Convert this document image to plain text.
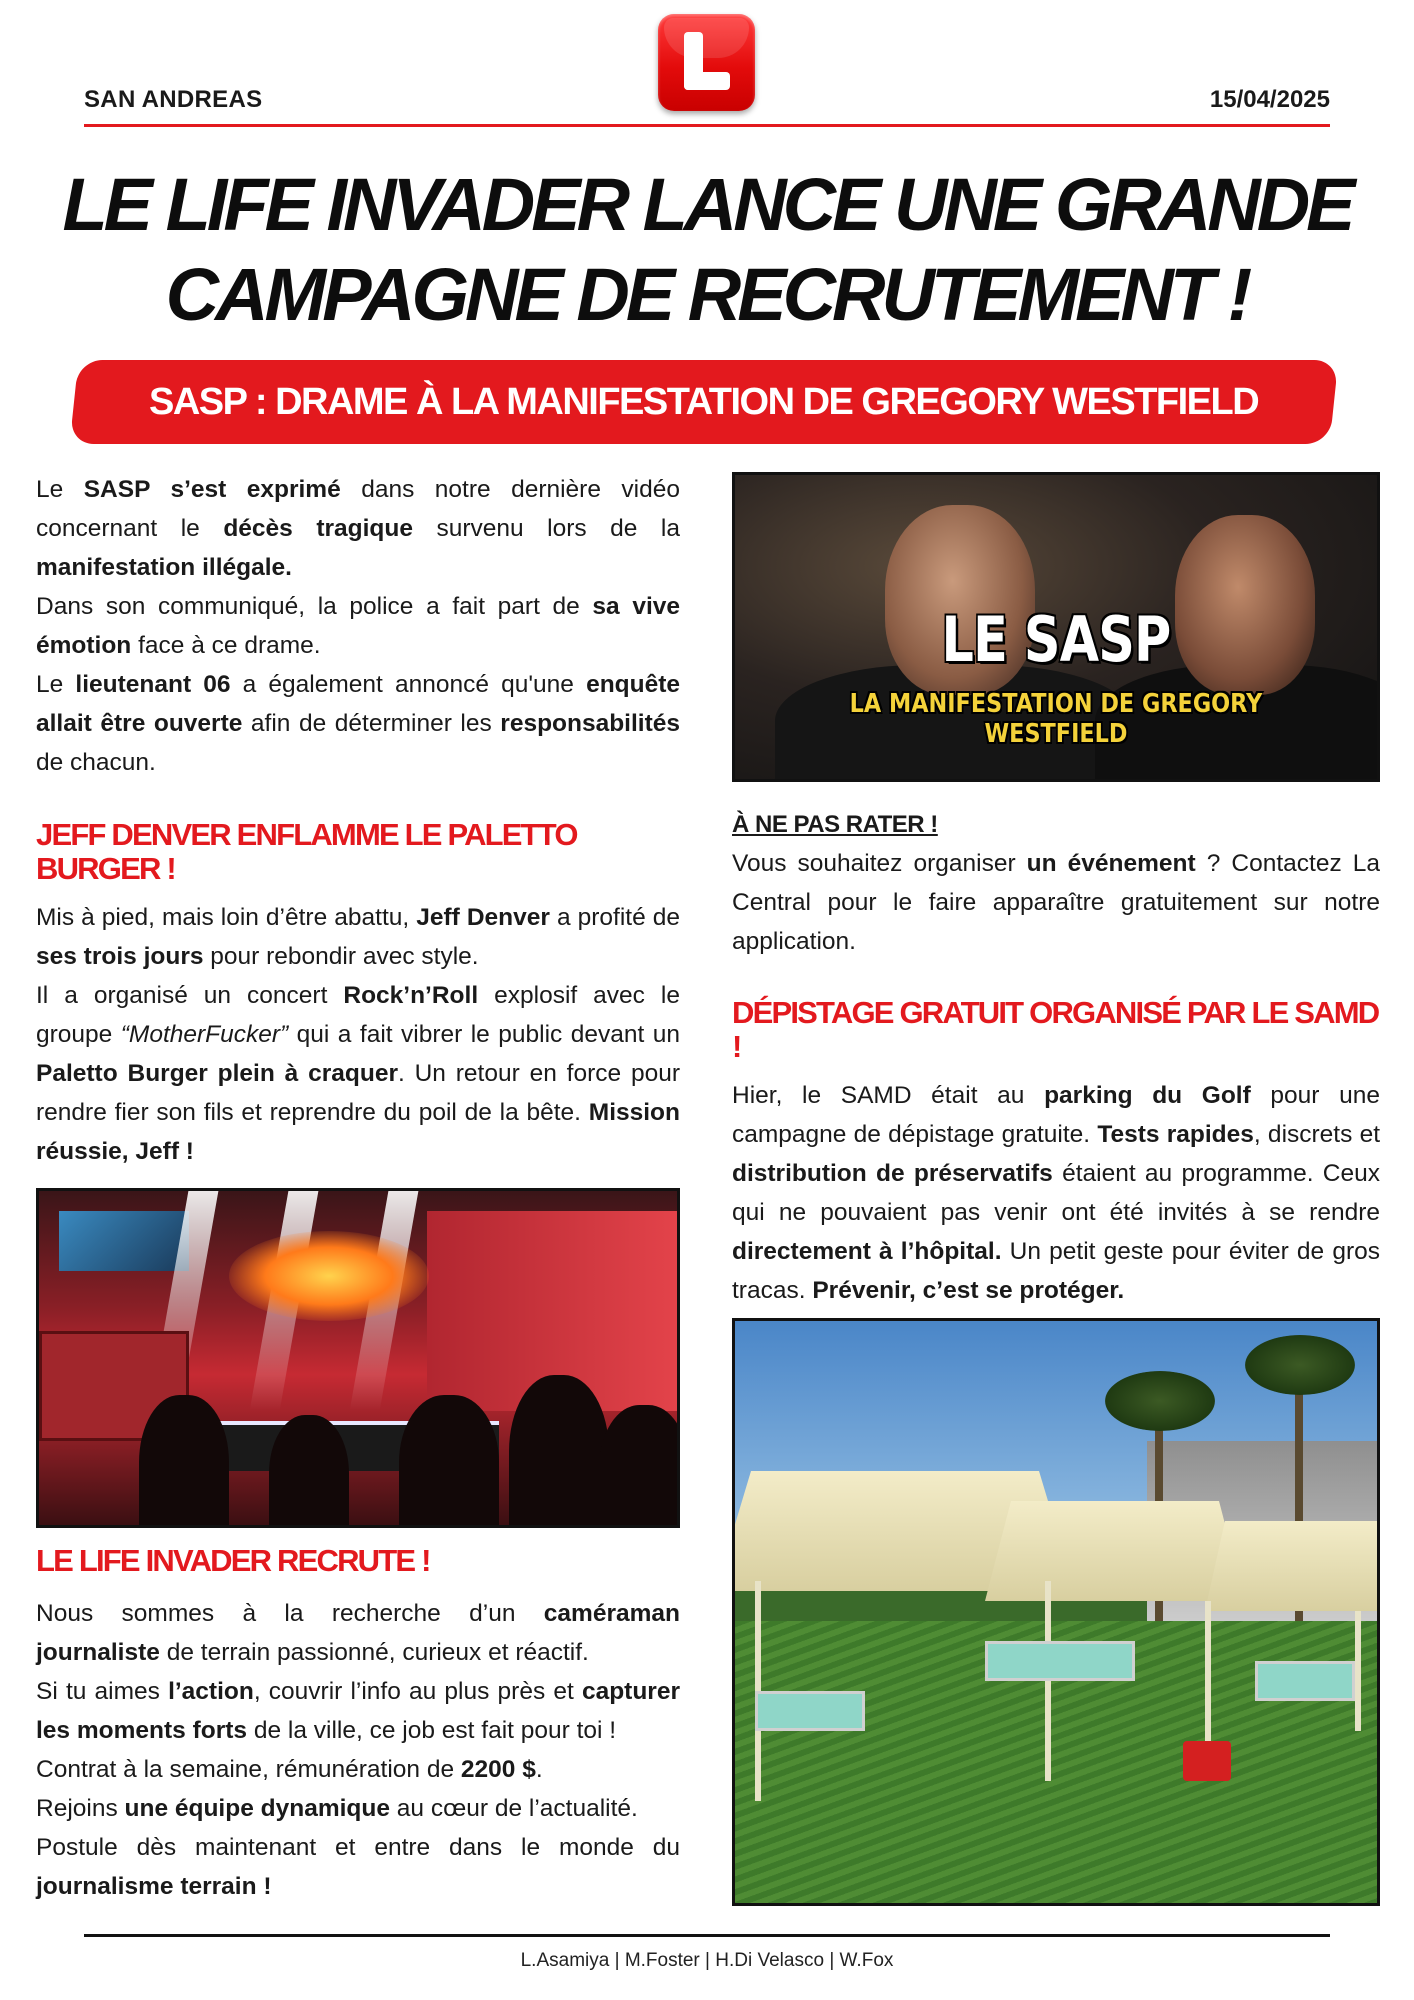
SAN ANDREAS	15/04/2025
LE LIFE INVADER LANCE UNE GRANDE
CAMPAGNE DE RECRUTEMENT !
SASP : DRAME À LA MANIFESTATION DE GREGORY WESTFIELD

Le SASP s’est exprimé dans notre dernière vidéo concernant le décès tragique survenu lors de la manifestation illégale.

Dans son communiqué, la police a fait part de sa vive émotion face à ce drame.

Le lieutenant 06 a également annoncé qu'une enquête allait être ouverte afin de déterminer les responsabilités de chacun.

JEFF DENVER ENFLAMME LE PALETTO BURGER !

Mis à pied, mais loin d’être abattu, Jeff Denver a profité de ses trois jours pour rebondir avec style.

Il a organisé un concert Rock’n’Roll explosif avec le groupe “MotherFucker” qui a fait vibrer le public devant un Paletto Burger plein à craquer. Un retour en force pour rendre fier son fils et reprendre du poil de la bête. Mission réussie, Jeff !

LE LIFE INVADER RECRUTE !

Nous sommes à la recherche d’un caméraman journaliste de terrain passionné, curieux et réactif.

Si tu aimes l’action, couvrir l’info au plus près et capturer les moments forts de la ville, ce job est fait pour toi !

Contrat à la semaine, rémunération de 2200 $.

Rejoins une équipe dynamique au cœur de l’actualité.

Postule dès maintenant et entre dans le monde du journalisme terrain !

LE SASP
LA MANIFESTATION DE GREGORY WESTFIELD
À NE PAS RATER !

Vous souhaitez organiser un événement ? Contactez La Central pour le faire apparaître gratuitement sur notre application.

DÉPISTAGE GRATUIT ORGANISÉ PAR LE SAMD !

Hier, le SAMD était au parking du Golf pour une campagne de dépistage gratuite. Tests rapides, discrets et distribution de préservatifs étaient au programme. Ceux qui ne pouvaient pas venir ont été invités à se rendre directement à l’hôpital. Un petit geste pour éviter de gros tracas. Prévenir, c’est se protéger.

L.Asamiya | M.Foster | H.Di Velasco | W.Fox
